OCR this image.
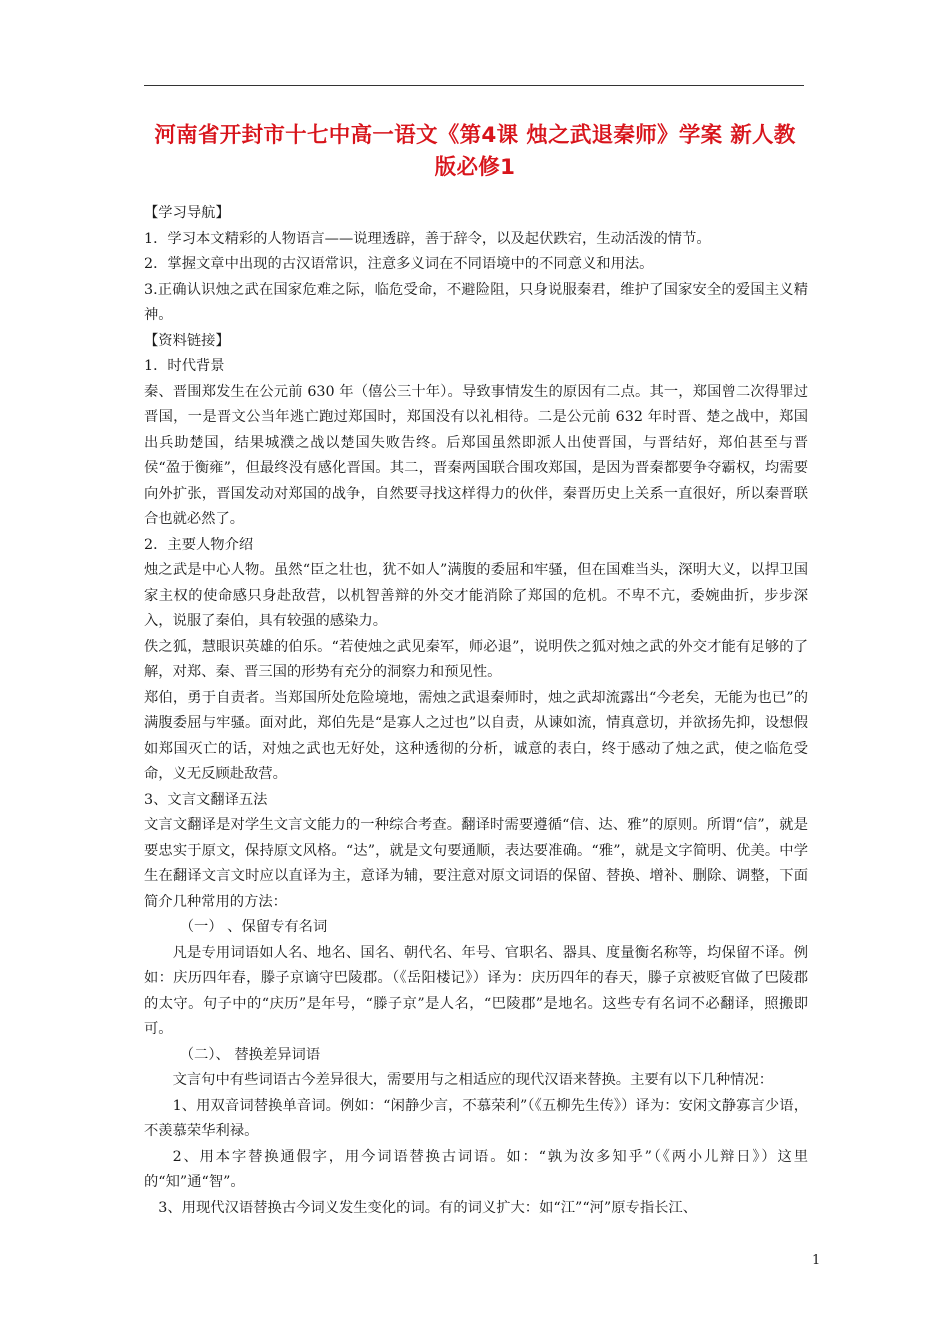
河南省开封市十七中高一语文《第4课 烛之武退秦师》学案 新人教
版必修1

【学习导航】

1．学习本文精彩的人物语言——说理透辟，善于辞令，以及起伏跌宕，生动活泼的情节。

2．掌握文章中出现的古汉语常识，注意多义词在不同语境中的不同意义和用法。

3.正确认识烛之武在国家危难之际，临危受命，不避险阻，只身说服秦君，维护了国家安全的爱国主义精神。

【资料链接】

1．时代背景

秦、晋围郑发生在公元前 630 年（僖公三十年）。导致事情发生的原因有二点。其一，郑国曾二次得罪过晋国，一是晋文公当年逃亡跑过郑国时，郑国没有以礼相待。二是公元前 632 年时晋、楚之战中，郑国出兵助楚国，结果城濮之战以楚国失败告终。后郑国虽然即派人出使晋国，与晋结好，郑伯甚至与晋侯“盈于衡雍”，但最终没有感化晋国。其二，晋秦两国联合围攻郑国，是因为晋秦都要争夺霸权，均需要向外扩张，晋国发动对郑国的战争，自然要寻找这样得力的伙伴，秦晋历史上关系一直很好，所以秦晋联合也就必然了。

2．主要人物介绍

烛之武是中心人物。虽然“臣之壮也，犹不如人”满腹的委屈和牢骚，但在国难当头，深明大义，以捍卫国家主权的使命感只身赴敌营，以机智善辩的外交才能消除了郑国的危机。不卑不亢，委婉曲折，步步深入，说服了秦伯，具有较强的感染力。

佚之狐，慧眼识英雄的伯乐。“若使烛之武见秦军，师必退”，说明佚之狐对烛之武的外交才能有足够的了解，对郑、秦、晋三国的形势有充分的洞察力和预见性。

郑伯，勇于自责者。当郑国所处危险境地，需烛之武退秦师时，烛之武却流露出“今老矣，无能为也已”的满腹委屈与牢骚。面对此，郑伯先是“是寡人之过也”以自责，从谏如流，情真意切，并欲扬先抑，设想假如郑国灭亡的话，对烛之武也无好处，这种透彻的分析，诚意的表白，终于感动了烛之武，使之临危受命，义无反顾赴敌营。

3、文言文翻译五法

文言文翻译是对学生文言文能力的一种综合考查。翻译时需要遵循“信、达、雅”的原则。所谓“信”，就是要忠实于原文，保持原文风格。“达”，就是文句要通顺，表达要准确。“雅”，就是文字简明、优美。中学生在翻译文言文时应以直译为主，意译为辅，要注意对原文词语的保留、替换、增补、删除、调整，下面简介几种常用的方法：

（一） 、保留专有名词

凡是专用词语如人名、地名、国名、朝代名、年号、官职名、器具、度量衡名称等，均保留不译。例如：庆历四年春，滕子京谪守巴陵郡。（《岳阳楼记》）译为：庆历四年的春天，滕子京被贬官做了巴陵郡的太守。句子中的“庆历”是年号，“滕子京”是人名，“巴陵郡”是地名。这些专有名词不必翻译，照搬即可。

（二）、 替换差异词语

文言句中有些词语古今差异很大，需要用与之相适应的现代汉语来替换。主要有以下几种情况：

1、用双音词替换单音词。例如：“闲静少言，不慕荣利”（《五柳先生传》）译为：安闲文静寡言少语，不羡慕荣华利禄。

2、用本字替换通假字，用今词语替换古词语。如：“孰为汝多知乎”（《两小儿辩日》）这里的“知”通“智”。

3、用现代汉语替换古今词义发生变化的词。有的词义扩大：如“江”“河”原专指长江、

1
